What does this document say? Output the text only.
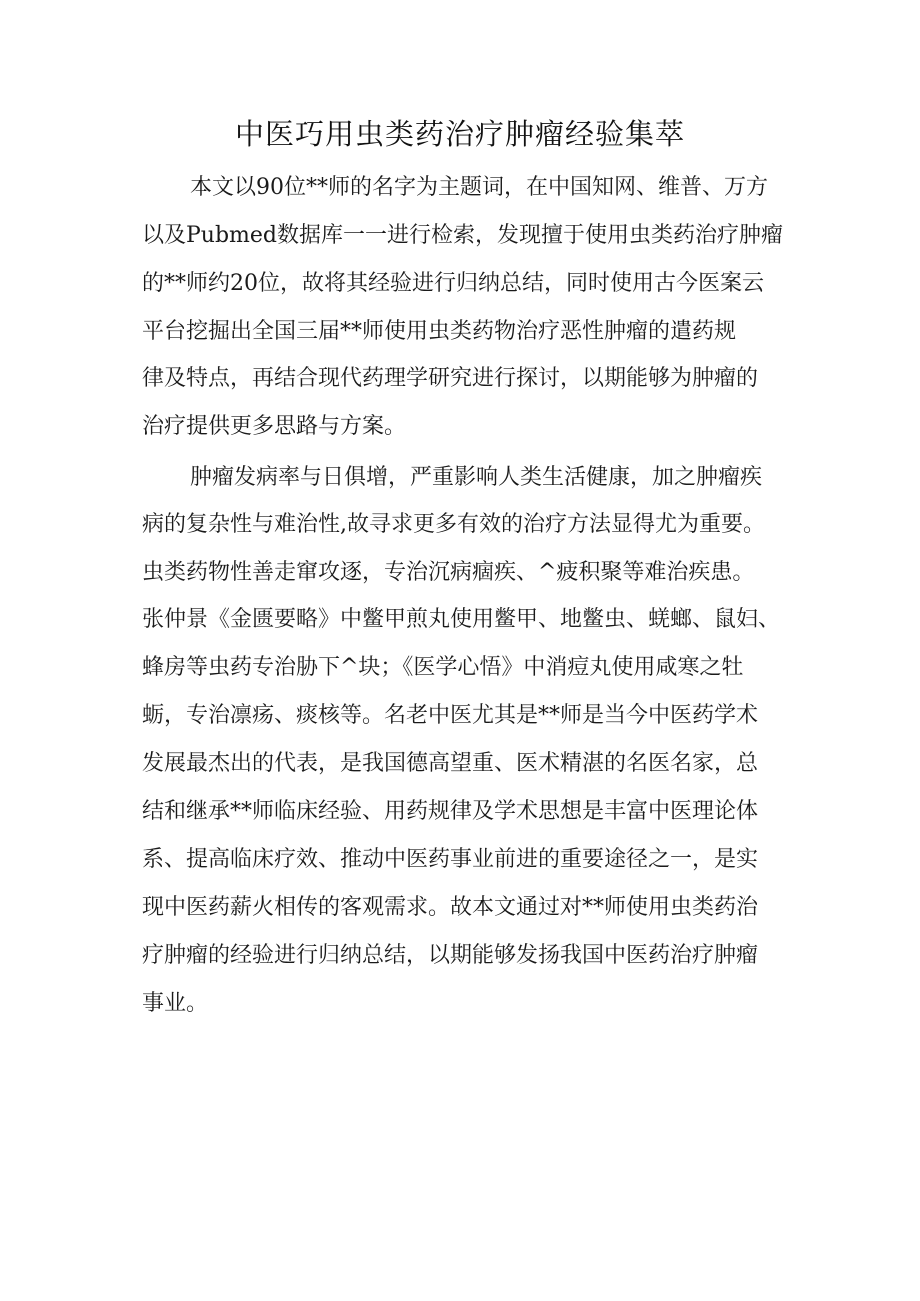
中医巧用虫类药治疗肿瘤经验集萃

本文以90位**师的名字为主题词，在中国知网、维普、万方

以及Pubmed数据库一一进行检索，发现擅于使用虫类药治疗肿瘤

的**师约20位，故将其经验进行归纳总结，同时使用古今医案云

平台挖掘出全国三届**师使用虫类药物治疗恶性肿瘤的遣药规

律及特点，再结合现代药理学研究进行探讨，以期能够为肿瘤的

治疗提供更多思路与方案。

肿瘤发病率与日俱增，严重影响人类生活健康，加之肿瘤疾

病的复杂性与难治性,故寻求更多有效的治疗方法显得尤为重要。

虫类药物性善走窜攻逐，专治沉病痼疾、^疲积聚等难治疾患。

张仲景《金匮要略》中鳖甲煎丸使用鳖甲、地鳖虫、蜣螂、鼠妇、

蜂房等虫药专治胁下^块；《医学心悟》中消痘丸使用咸寒之牡

蛎，专治凛疡、痰核等。名老中医尤其是**师是当今中医药学术

发展最杰出的代表，是我国德高望重、医术精湛的名医名家，总

结和继承**师临床经验、用药规律及学术思想是丰富中医理论体

系、提高临床疗效、推动中医药事业前进的重要途径之一，是实

现中医药薪火相传的客观需求。故本文通过对**师使用虫类药治

疗肿瘤的经验进行归纳总结，以期能够发扬我国中医药治疗肿瘤

事业。
